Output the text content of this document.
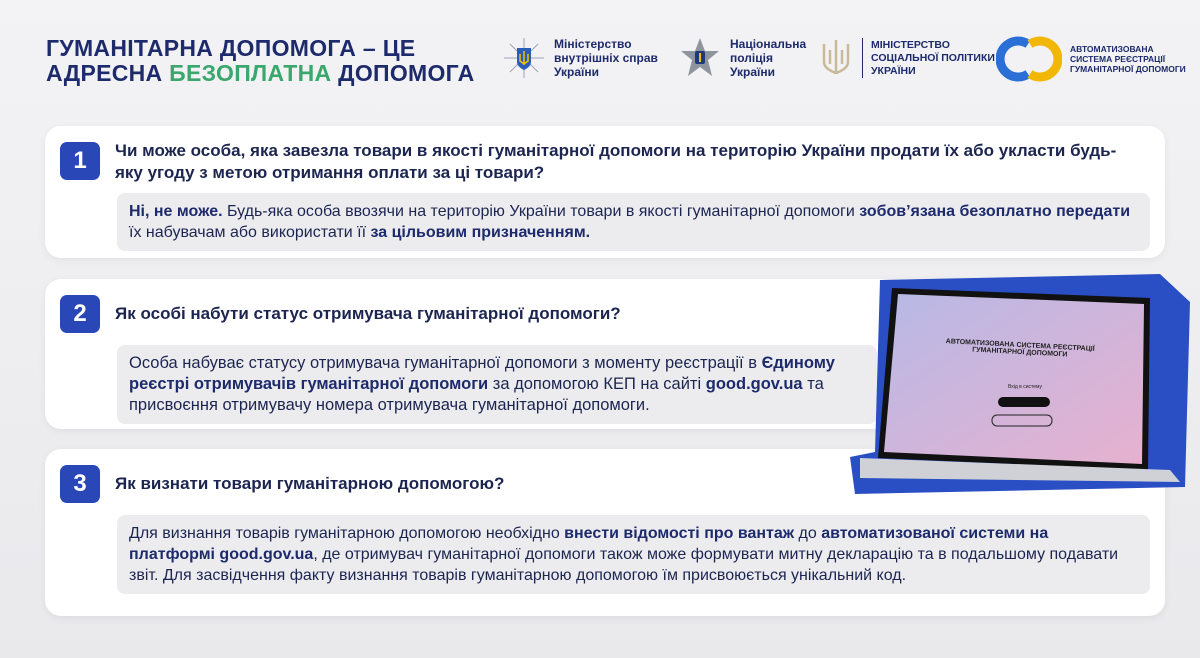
ГУМАНІТАРНА ДОПОМОГА – ЦЕ
АДРЕСНА БЕЗОПЛАТНА ДОПОМОГА
Міністерство
внутрішніх справ
України
Національна
поліція
України
МІНІСТЕРСТВО
СОЦІАЛЬНОЇ ПОЛІТИКИ
УКРАЇНИ
АВТОМАТИЗОВАНА
СИСТЕМА РЕЄСТРАЦІЇ
ГУМАНІТАРНОЇ ДОПОМОГИ
1	Чи може особа, яка завезла товари в якості гуманітарної допомоги на територію України продати їх або укласти будь-яку угоду з метою отримання оплати за ці товари?
Ні, не може. Будь-яка особа ввозячи на територію України товари в якості гуманітарної допомоги зобов’язана безоплатно передати їх набувачам або використати її за цільовим призначенням.
2	Як особі набути статус отримувача гуманітарної допомоги?
Особа набуває статусу отримувача гуманітарної допомоги з моменту реєстрації в Єдиному реєстрі отримувачів гуманітарної допомоги за допомогою КЕП на сайті good.gov.ua та присвоєння отримувачу номера отримувача гуманітарної допомоги.
3	Як визнати товари гуманітарною допомогою?
Для визнання товарів гуманітарною допомогою необхідно внести відомості про вантаж до автоматизованої системи на платформі good.gov.ua, де отримувач гуманітарної допомоги також може формувати митну декларацію та в подальшому подавати звіт. Для засвідчення факту визнання товарів гуманітарною допомогою їм присвоюється унікальний код.
АВТОМАТИЗОВАНА СИСТЕМА РЕЄСТРАЦІЇ ГУМАНІТАРНОЇ ДОПОМОГИ
Вхід в систему
